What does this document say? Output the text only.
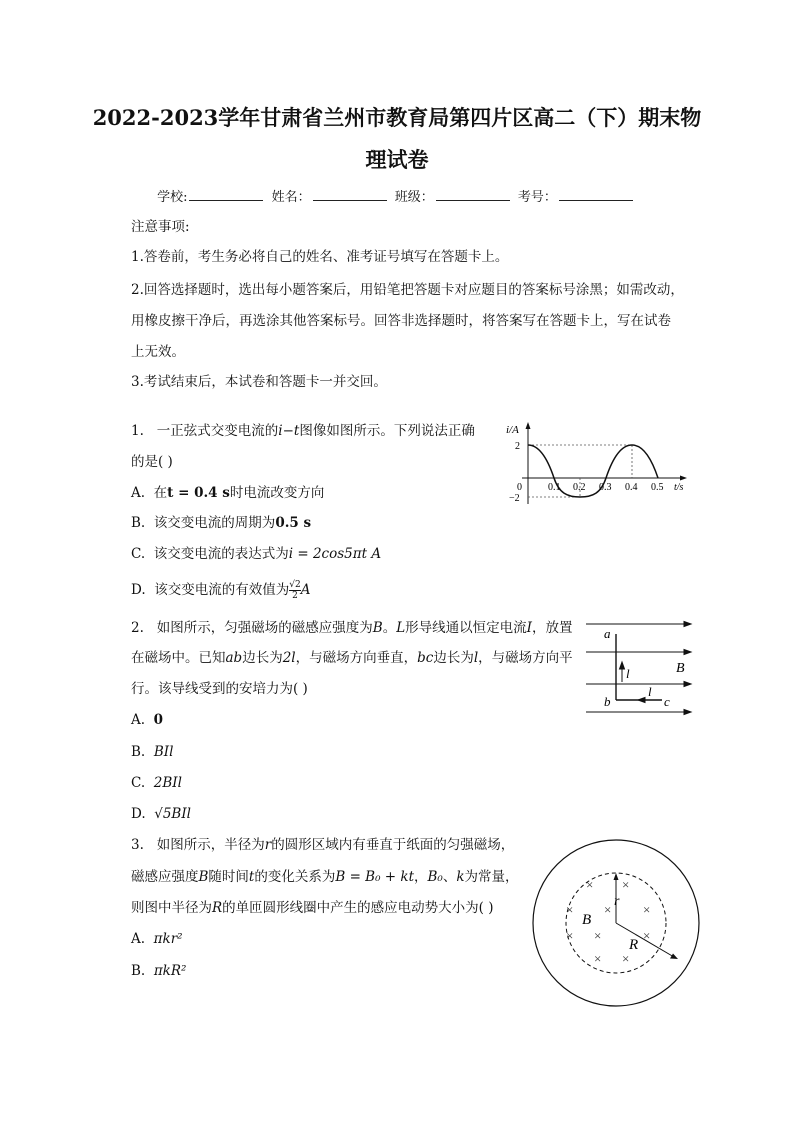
2022-2023学年甘肃省兰州市教育局第四片区高二（下）期末物
理试卷
学校:	姓名：	班级：	考号：
注意事项:
1.答卷前，考生务必将自己的姓名、准考证号填写在答题卡上。
2.回答选择题时，选出每小题答案后，用铅笔把答题卡对应题目的答案标号涂黑；如需改动，
用橡皮擦干净后，再选涂其他答案标号。回答非选择题时，将答案写在答题卡上，写在试卷
上无效。
3.考试结束后，本试卷和答题卡一并交回。
1. 一正弦式交变电流的i−t图像如图所示。下列说法正确
的是( )
A. 在t = 0.4 s时电流改变方向
B. 该交变电流的周期为0.5 s
C. 该交变电流的表达式为i = 2cos5πt A
D. 该交变电流的有效值为 $\frac{√2}{2}$ A
i/A
2
−2
0	0.1 0.2 0.3 0.4 0.5 t/s
2. 如图所示，匀强磁场的磁感应强度为B。L形导线通以恒定电流I，放置
在磁场中。已知ab边长为2l，与磁场方向垂直，bc边长为l，与磁场方向平
行。该导线受到的安培力为( )
A. 0
B. BIl
C. 2BIl
D. √5BIl
a
b	c
B
l
l
3. 如图所示，半径为r的圆形区域内有垂直于纸面的匀强磁场，
磁感应强度B随时间t的变化关系为B = B₀ + kt，B₀、k为常量，
则图中半径为R的单匝圆形线圈中产生的感应电动势大小为( )
A. πkr²
B. πkR²
× ×
× × ×
× ×	×
× ×
B
r
R
